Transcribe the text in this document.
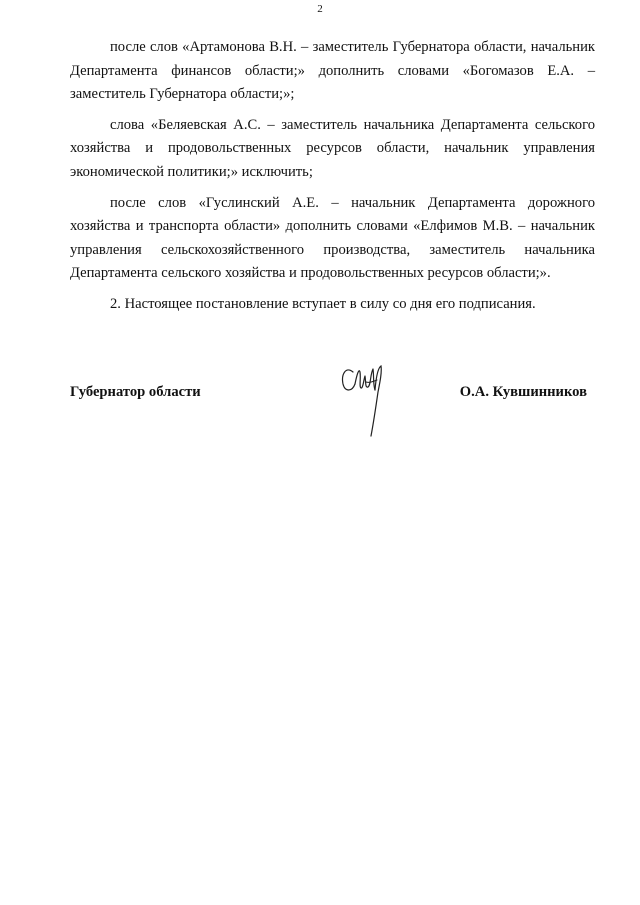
2

после слов «Артамонова В.Н. – заместитель Губернатора области, начальник Департамента финансов области;» дополнить словами «Богомазов Е.А. – заместитель Губернатора области;»;

слова «Беляевская А.С. – заместитель начальника Департамента сельского хозяйства и продовольственных ресурсов области, начальник управления экономической политики;» исключить;

после слов «Гуслинский А.Е. – начальник Департамента дорожного хозяйства и транспорта области» дополнить словами «Елфимов М.В. – начальник управления сельскохозяйственного производства, заместитель начальника Департамента сельского хозяйства и продовольственных ресурсов области;».

2. Настоящее постановление вступает в силу со дня его подписания.

Губернатор области	О.А. Кувшинников
